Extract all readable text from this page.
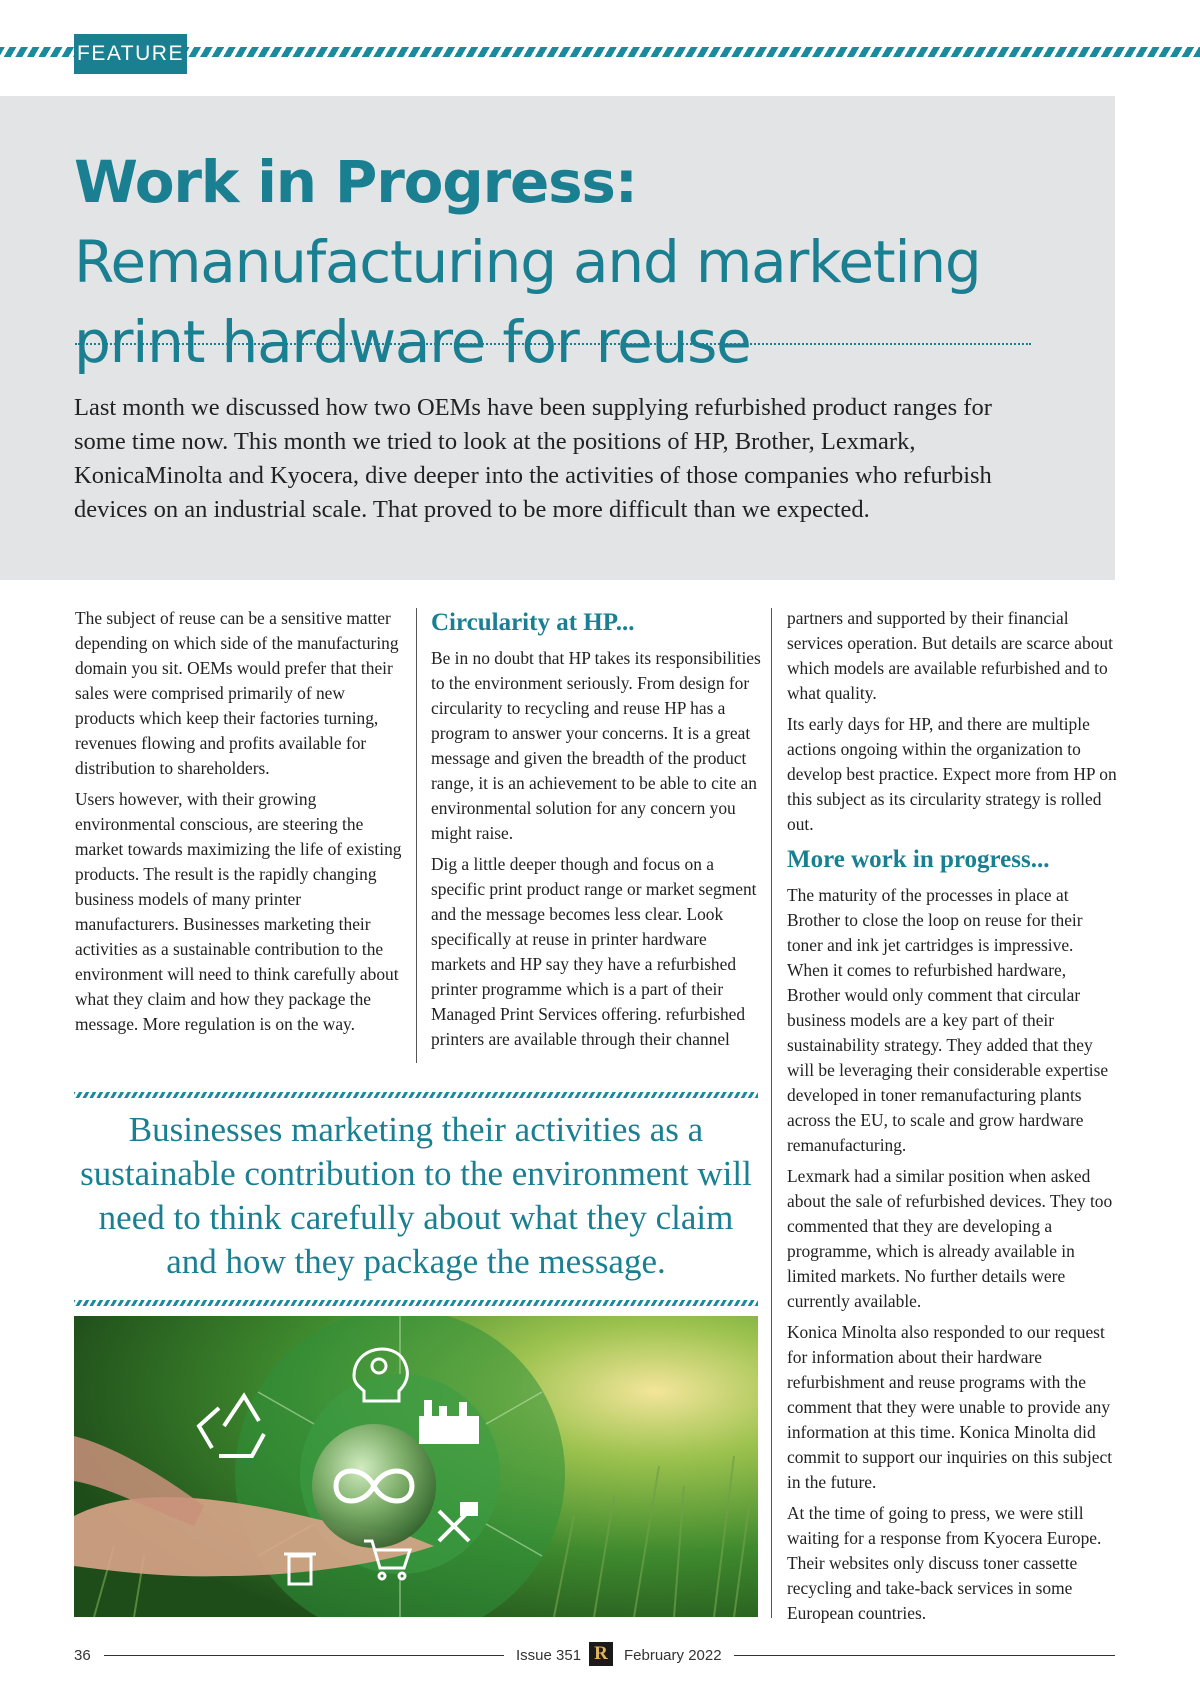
FEATURE
Work in Progress: Remanufacturing and marketing print hardware for reuse

Last month we discussed how two OEMs have been supplying refurbished product ranges for some time now. This month we tried to look at the positions of HP, Brother, Lexmark, KonicaMinolta and Kyocera, dive deeper into the activities of those companies who refurbish devices on an industrial scale. That proved to be more difficult than we expected.

The subject of reuse can be a sensitive matter depending on which side of the manufacturing domain you sit. OEMs would prefer that their sales were comprised primarily of new products which keep their factories turning, revenues flowing and profits available for distribution to shareholders.

Users however, with their growing environmental conscious, are steering the market towards maximizing the life of existing products. The result is the rapidly changing business models of many printer manufacturers. Businesses marketing their activities as a sustainable contribution to the environment will need to think carefully about what they claim and how they package the message. More regulation is on the way.

Circularity at HP...

Be in no doubt that HP takes its responsibilities to the environment seriously. From design for circularity to recycling and reuse HP has a program to answer your concerns. It is a great message and given the breadth of the product range, it is an achievement to be able to cite an environmental solution for any concern you might raise.

Dig a little deeper though and focus on a specific print product range or market segment and the message becomes less clear. Look specifically at reuse in printer hardware markets and HP say they have a refurbished printer programme which is a part of their Managed Print Services offering. refurbished printers are available through their channel

partners and supported by their financial services operation. But details are scarce about which models are available refurbished and to what quality.

Its early days for HP, and there are multiple actions ongoing within the organization to develop best practice. Expect more from HP on this subject as its circularity strategy is rolled out.

More work in progress...

The maturity of the processes in place at Brother to close the loop on reuse for their toner and ink jet cartridges is impressive. When it comes to refurbished hardware, Brother would only comment that circular business models are a key part of their sustainability strategy. They added that they will be leveraging their considerable expertise developed in toner remanufacturing plants across the EU, to scale and grow hardware remanufacturing.

Lexmark had a similar position when asked about the sale of refurbished devices. They too commented that they are developing a programme, which is already available in limited markets. No further details were currently available.

Konica Minolta also responded to our request for information about their hardware refurbishment and reuse programs with the comment that they were unable to provide any information at this time. Konica Minolta did commit to support our inquiries on this subject in the future.

At the time of going to press, we were still waiting for a response from Kyocera Europe. Their websites only discuss toner cassette recycling and take-back services in some European countries.

Businesses marketing their activities as a sustainable contribution to the environment will need to think carefully about what they claim and how they package the message.
36	Issue 351 R	February 2022
